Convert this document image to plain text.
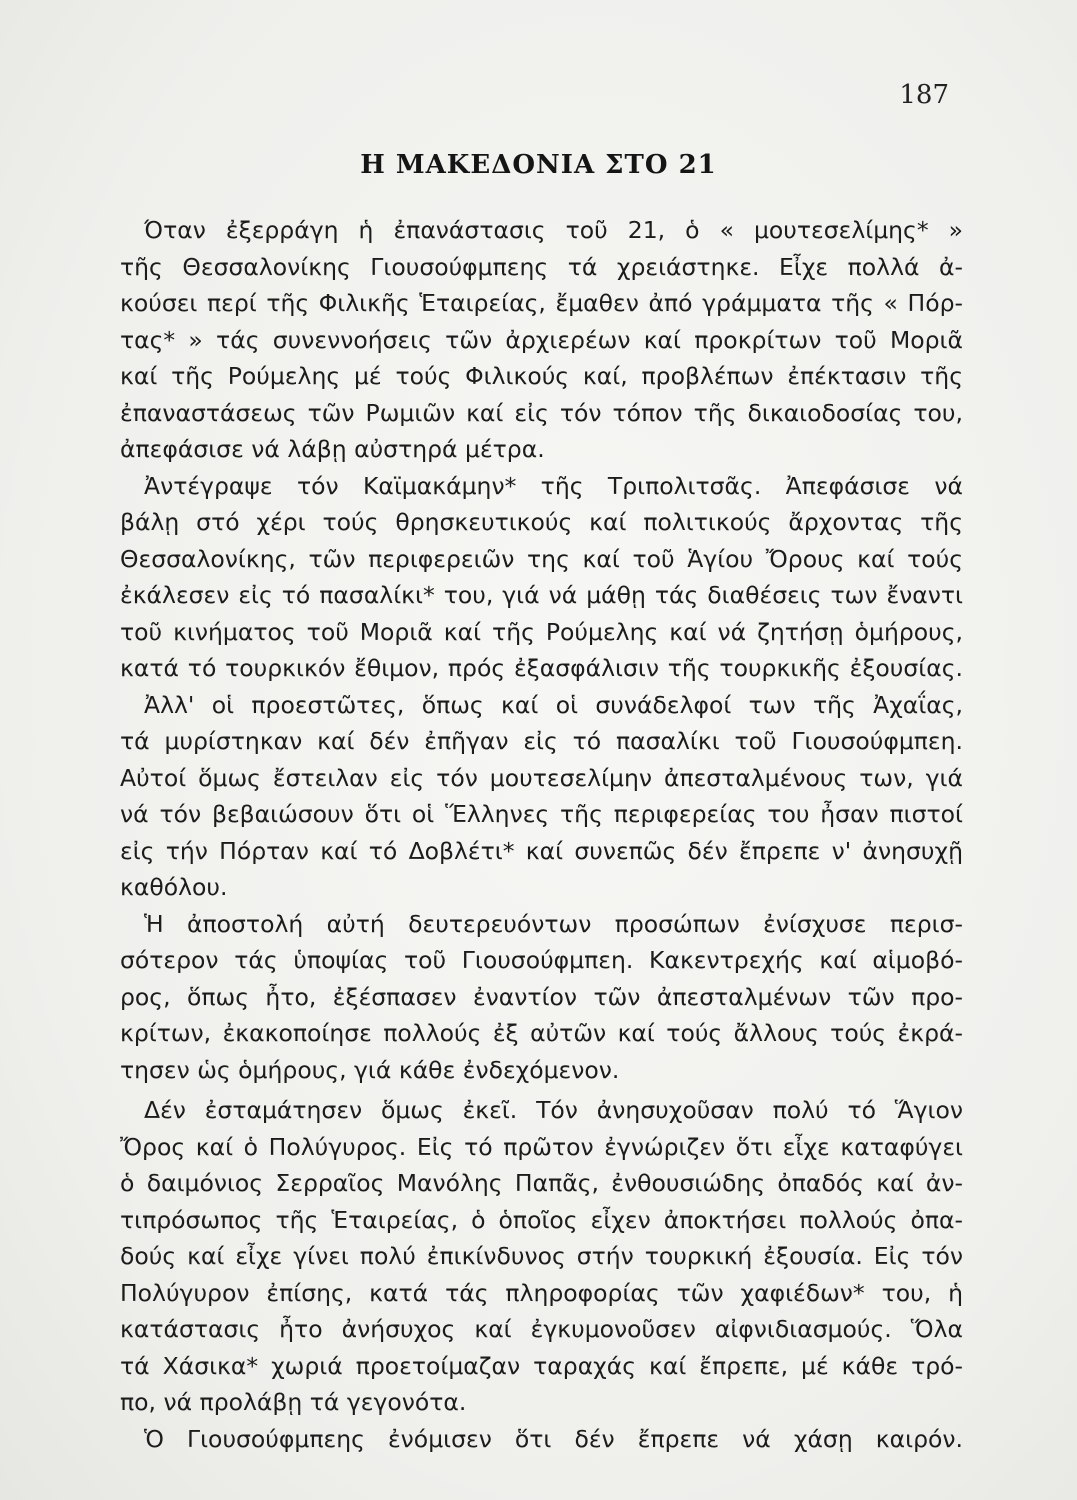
187
Η ΜΑΚΕΔΟΝΙΑ ΣΤΟ 21
Όταν ἐξερράγη ἡ ἐπανάστασις τοῦ 21, ὁ « μουτεσελίμης* »
τῆς Θεσσαλονίκης Γιουσούφμπεης τά χρειάστηκε. Εἶχε πολλά ἀ-
κούσει περί τῆς Φιλικῆς Ἑταιρείας, ἔμαθεν ἀπό γράμματα τῆς « Πόρ-
τας* » τάς συνεννοήσεις τῶν ἀρχιερέων καί προκρίτων τοῦ Μοριᾶ
καί τῆς Ρούμελης μέ τούς Φιλικούς καί, προβλέπων ἐπέκτασιν τῆς
ἐπαναστάσεως τῶν Ρωμιῶν καί εἰς τόν τόπον τῆς δικαιοδοσίας του,
ἀπεφάσισε νά λάβῃ αὐστηρά μέτρα.
Ἀντέγραψε τόν Καϊμακάμην* τῆς Τριπολιτσᾶς. Ἀπεφάσισε νά
βάλῃ στό χέρι τούς θρησκευτικούς καί πολιτικούς ἄρχοντας τῆς
Θεσσαλονίκης, τῶν περιφερειῶν της καί τοῦ Ἁγίου Ὄρους καί τούς
ἐκάλεσεν εἰς τό πασαλίκι* του, γιά νά μάθῃ τάς διαθέσεις των ἔναντι
τοῦ κινήματος τοῦ Μοριᾶ καί τῆς Ρούμελης καί νά ζητήσῃ ὁμήρους,
κατά τό τουρκικόν ἔθιμον, πρός ἐξασφάλισιν τῆς τουρκικῆς ἐξουσίας.
Ἀλλ' οἱ προεστῶτες, ὅπως καί οἱ συνάδελφοί των τῆς Ἀχαΐας,
τά μυρίστηκαν καί δέν ἐπῆγαν εἰς τό πασαλίκι τοῦ Γιουσούφμπεη.
Αὐτοί ὅμως ἔστειλαν εἰς τόν μουτεσελίμην ἀπεσταλμένους των, γιά
νά τόν βεβαιώσουν ὅτι οἱ Ἕλληνες τῆς περιφερείας του ἦσαν πιστοί
εἰς τήν Πόρταν καί τό Δοβλέτι* καί συνεπῶς δέν ἔπρεπε ν' ἀνησυχῇ
καθόλου.
Ἡ ἀποστολή αὐτή δευτερευόντων προσώπων ἐνίσχυσε περισ-
σότερον τάς ὑποψίας τοῦ Γιουσούφμπεη. Κακεντρεχής καί αἱμοβό-
ρος, ὅπως ἦτο, ἐξέσπασεν ἐναντίον τῶν ἀπεσταλμένων τῶν προ-
κρίτων, ἐκακοποίησε πολλούς ἐξ αὐτῶν καί τούς ἄλλους τούς ἐκρά-
τησεν ὡς ὁμήρους, γιά κάθε ἐνδεχόμενον.
Δέν ἐσταμάτησεν ὅμως ἐκεῖ. Τόν ἀνησυχοῦσαν πολύ τό Ἅγιον
Ὄρος καί ὁ Πολύγυρος. Εἰς τό πρῶτον ἐγνώριζεν ὅτι εἶχε καταφύγει
ὁ δαιμόνιος Σερραῖος Μανόλης Παπᾶς, ἐνθουσιώδης ὀπαδός καί ἀν-
τιπρόσωπος τῆς Ἑταιρείας, ὁ ὁποῖος εἶχεν ἀποκτήσει πολλούς ὀπα-
δούς καί εἶχε γίνει πολύ ἐπικίνδυνος στήν τουρκική ἐξουσία. Εἰς τόν
Πολύγυρον ἐπίσης, κατά τάς πληροφορίας τῶν χαφιέδων* του, ἡ
κατάστασις ἦτο ἀνήσυχος καί ἐγκυμονοῦσεν αἰφνιδιασμούς. Ὅλα
τά Χάσικα* χωριά προετοίμαζαν ταραχάς καί ἔπρεπε, μέ κάθε τρό-
πο, νά προλάβῃ τά γεγονότα.
Ὁ Γιουσούφμπεης ἐνόμισεν ὅτι δέν ἔπρεπε νά χάσῃ καιρόν.
